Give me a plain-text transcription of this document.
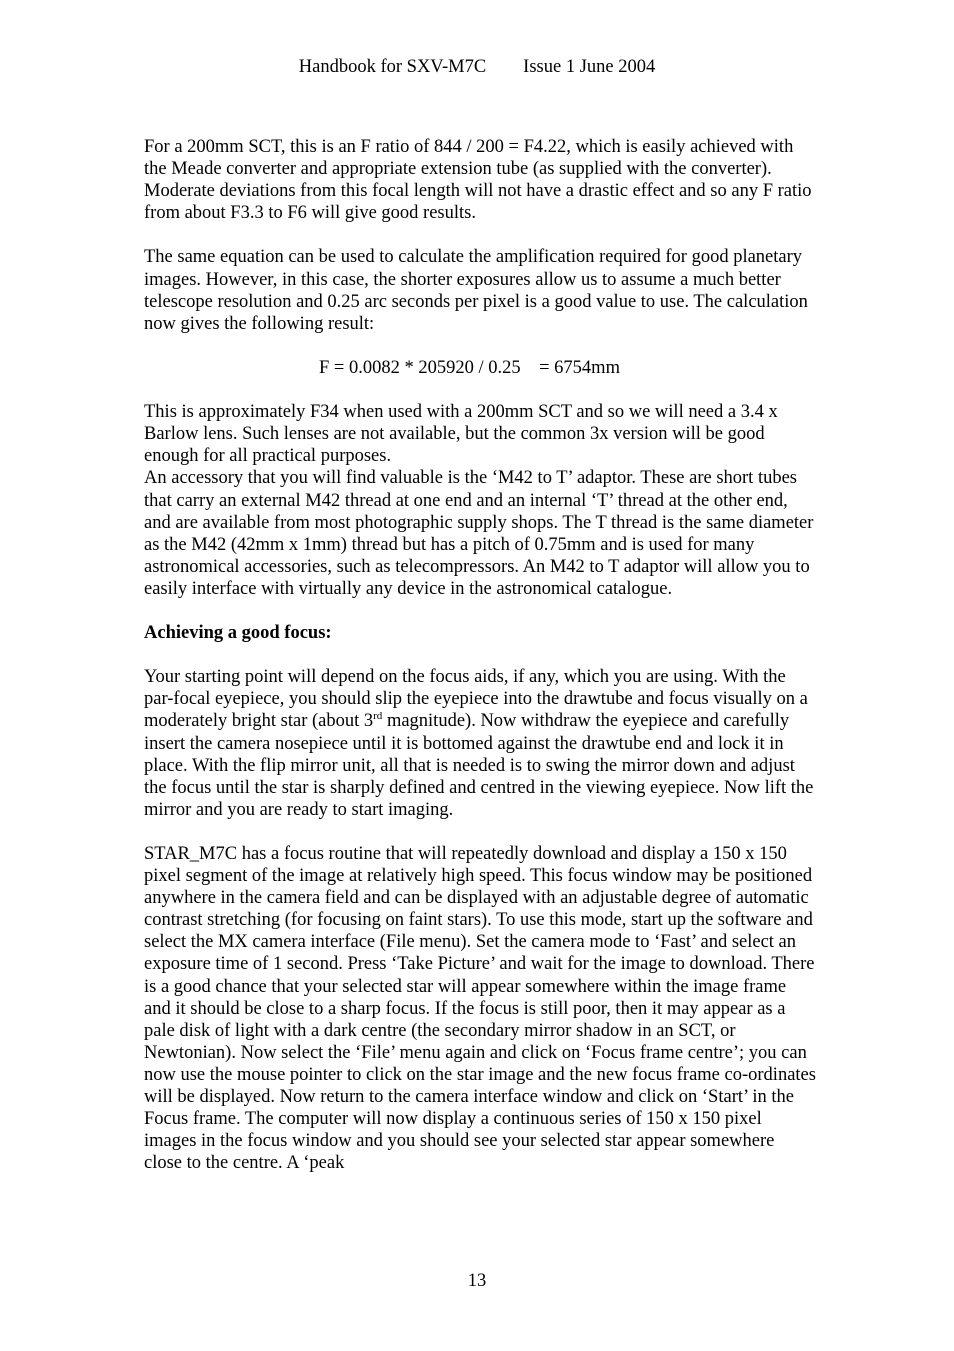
Handbook for SXV-M7C Issue 1 June 2004

For a 200mm SCT, this is an F ratio of 844 / 200 = F4.22, which is easily achieved with the Meade converter and appropriate extension tube (as supplied with the converter). Moderate deviations from this focal length will not have a drastic effect and so any F ratio from about F3.3 to F6 will give good results.

The same equation can be used to calculate the amplification required for good planetary images. However, in this case, the shorter exposures allow us to assume a much better telescope resolution and 0.25 arc seconds per pixel is a good value to use. The calculation now gives the following result:

F = 0.0082 * 205920 / 0.25 = 6754mm

This is approximately F34 when used with a 200mm SCT and so we will need a 3.4 x Barlow lens. Such lenses are not available, but the common 3x version will be good enough for all practical purposes.

An accessory that you will find valuable is the ‘M42 to T’ adaptor. These are short tubes that carry an external M42 thread at one end and an internal ‘T’ thread at the other end, and are available from most photographic supply shops. The T thread is the same diameter as the M42 (42mm x 1mm) thread but has a pitch of 0.75mm and is used for many astronomical accessories, such as telecompressors. An M42 to T adaptor will allow you to easily interface with virtually any device in the astronomical catalogue.

Achieving a good focus:

Your starting point will depend on the focus aids, if any, which you are using. With the par-focal eyepiece, you should slip the eyepiece into the drawtube and focus visually on a moderately bright star (about 3rd magnitude). Now withdraw the eyepiece and carefully insert the camera nosepiece until it is bottomed against the drawtube end and lock it in place. With the flip mirror unit, all that is needed is to swing the mirror down and adjust the focus until the star is sharply defined and centred in the viewing eyepiece. Now lift the mirror and you are ready to start imaging.

STAR_M7C has a focus routine that will repeatedly download and display a 150 x 150 pixel segment of the image at relatively high speed. This focus window may be positioned anywhere in the camera field and can be displayed with an adjustable degree of automatic contrast stretching (for focusing on faint stars). To use this mode, start up the software and select the MX camera interface (File menu). Set the camera mode to ‘Fast’ and select an exposure time of 1 second. Press ‘Take Picture’ and wait for the image to download. There is a good chance that your selected star will appear somewhere within the image frame and it should be close to a sharp focus. If the focus is still poor, then it may appear as a pale disk of light with a dark centre (the secondary mirror shadow in an SCT, or Newtonian). Now select the ‘File’ menu again and click on ‘Focus frame centre’; you can now use the mouse pointer to click on the star image and the new focus frame co-ordinates will be displayed. Now return to the camera interface window and click on ‘Start’ in the Focus frame. The computer will now display a continuous series of 150 x 150 pixel images in the focus window and you should see your selected star appear somewhere close to the centre. A ‘peak

13
